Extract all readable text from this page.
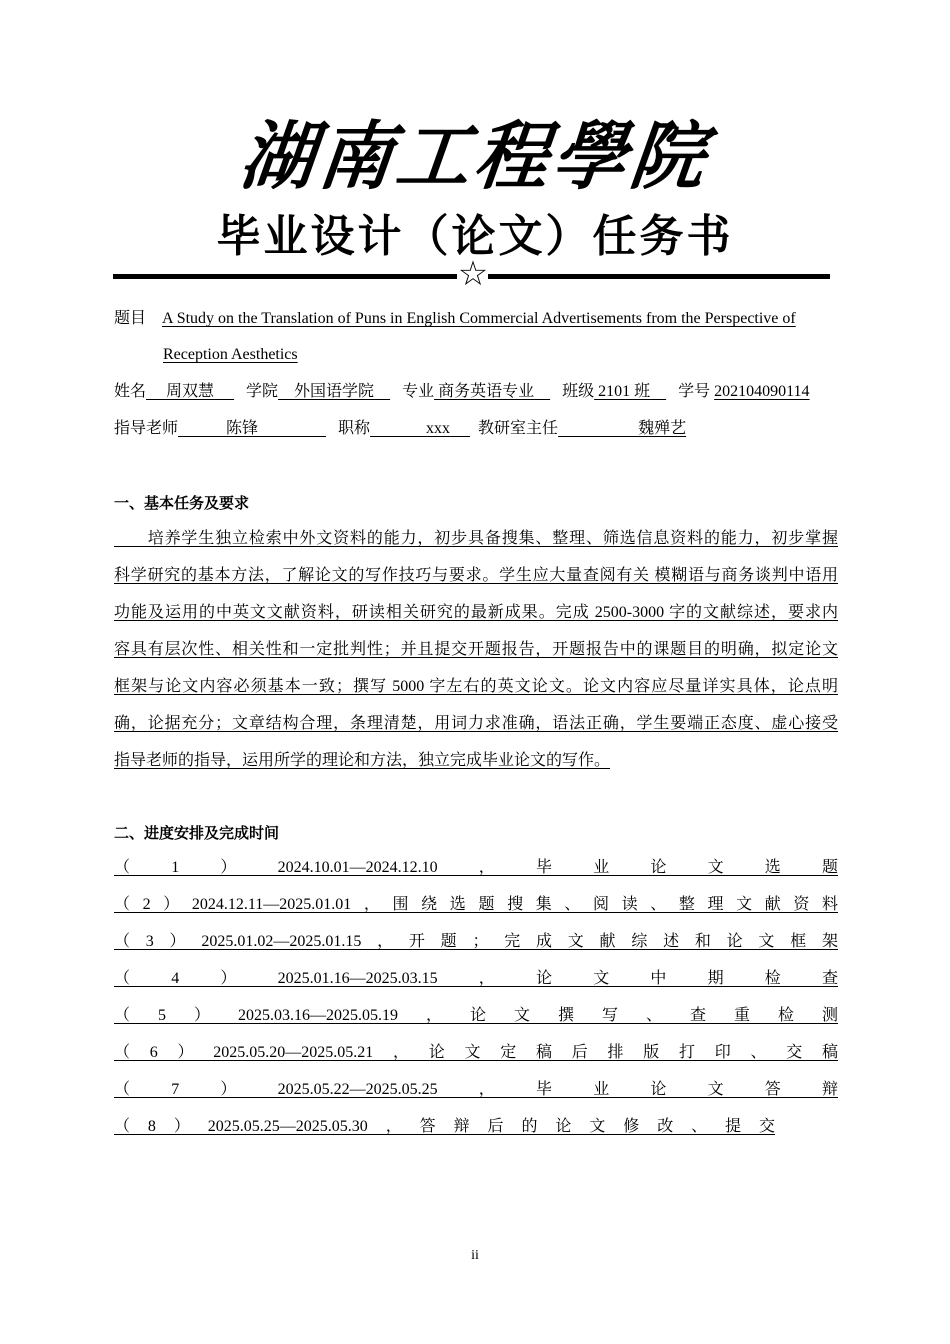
湖南工程學院
毕业设计（论文）任务书
☆
题目 A Study on the Translation of Puns in English Commercial Advertisements from the Perspective of
Reception Aesthetics
姓名 周双慧 学院 外国语学院 专业 商务英语专业 班级 2101 班 学号 202104090114
指导老师	陈锋	职称	xxx 教研室主任	魏殚艺
一、基本任务及要求
　　培养学生独立检索中外文资料的能力，初步具备搜集、整理、筛选信息资料的能力，初步掌握
科学研究的基本方法，了解论文的写作技巧与要求。学生应大量查阅有关 模糊语与商务谈判中语用
功能及运用的中英文文献资料，研读相关研究的最新成果。完成 2500-3000 字的文献综述，要求内
容具有层次性、相关性和一定批判性；并且提交开题报告，开题报告中的课题目的明确，拟定论文
框架与论文内容必须基本一致；撰写 5000 字左右的英文论文。论文内容应尽量详实具体，论点明
确，论据充分；文章结构合理，条理清楚，用词力求准确，语法正确，学生要端正态度、虚心接受
指导老师的指导，运用所学的理论和方法，独立完成毕业论文的写作。
二、进度安排及完成时间
（1）2024.10.01—2024.12.10，毕业论文选题
（2）2024.12.11—2025.01.01，围绕选题搜集、阅读、整理文献资料
（3）2025.01.02—2025.01.15，开题；完成文献综述和论文框架
（4）2025.01.16—2025.03.15，论文中期检查
（5）2025.03.16—2025.05.19，论文撰写、查重检测
（6）2025.05.20—2025.05.21，论文定稿后排版打印、交稿
（7）2025.05.22—2025.05.25，毕业论文答辩
（8）2025.05.25—2025.05.30，答辩后的论文修改、提交
ii
